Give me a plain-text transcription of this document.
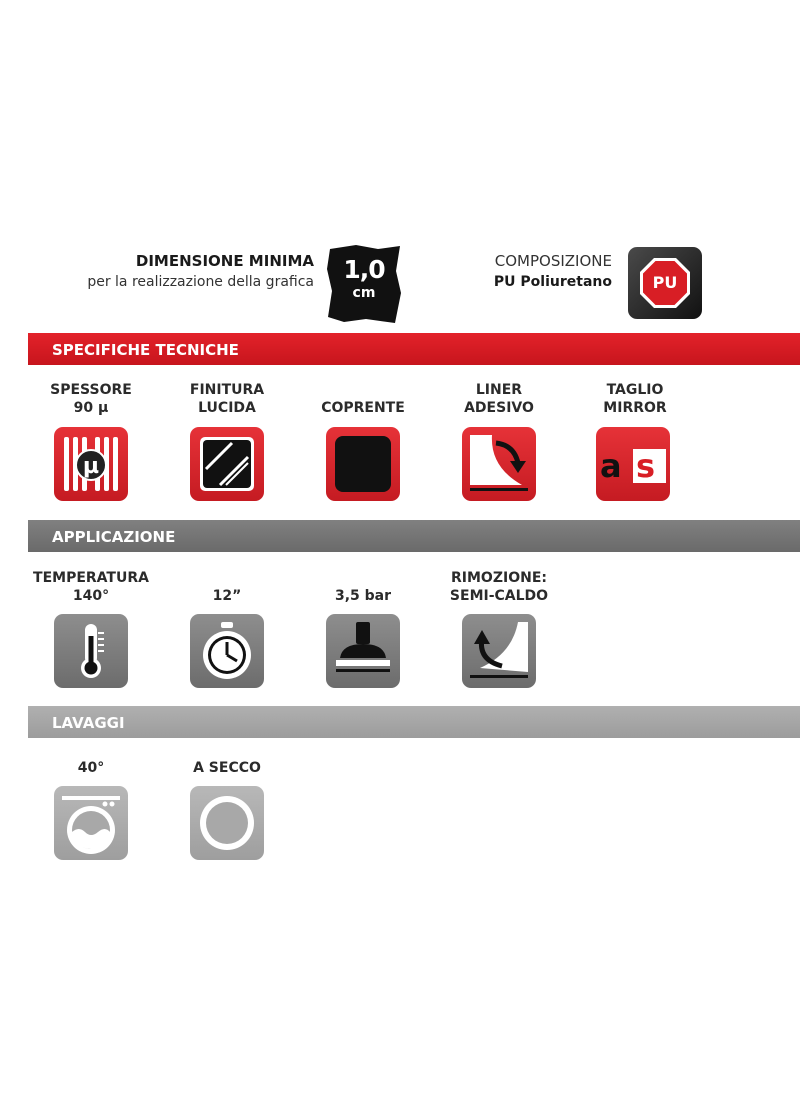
DIMENSIONE MINIMA
per la realizzazione della grafica	1,0
cm
COMPOSIZIONE
PU Poliuretano	PU
SPECIFICHE TECNICHE
SPESSORE
90 µ
µ
FINITURA
LUCIDA	COPRENTE
LINER
ADESIVO
TAGLIO
MIRROR
a s
APPLICAZIONE
TEMPERATURA
140°	12”	3,5 bar
RIMOZIONE:
SEMI-CALDO
LAVAGGI
40°	A SECCO
